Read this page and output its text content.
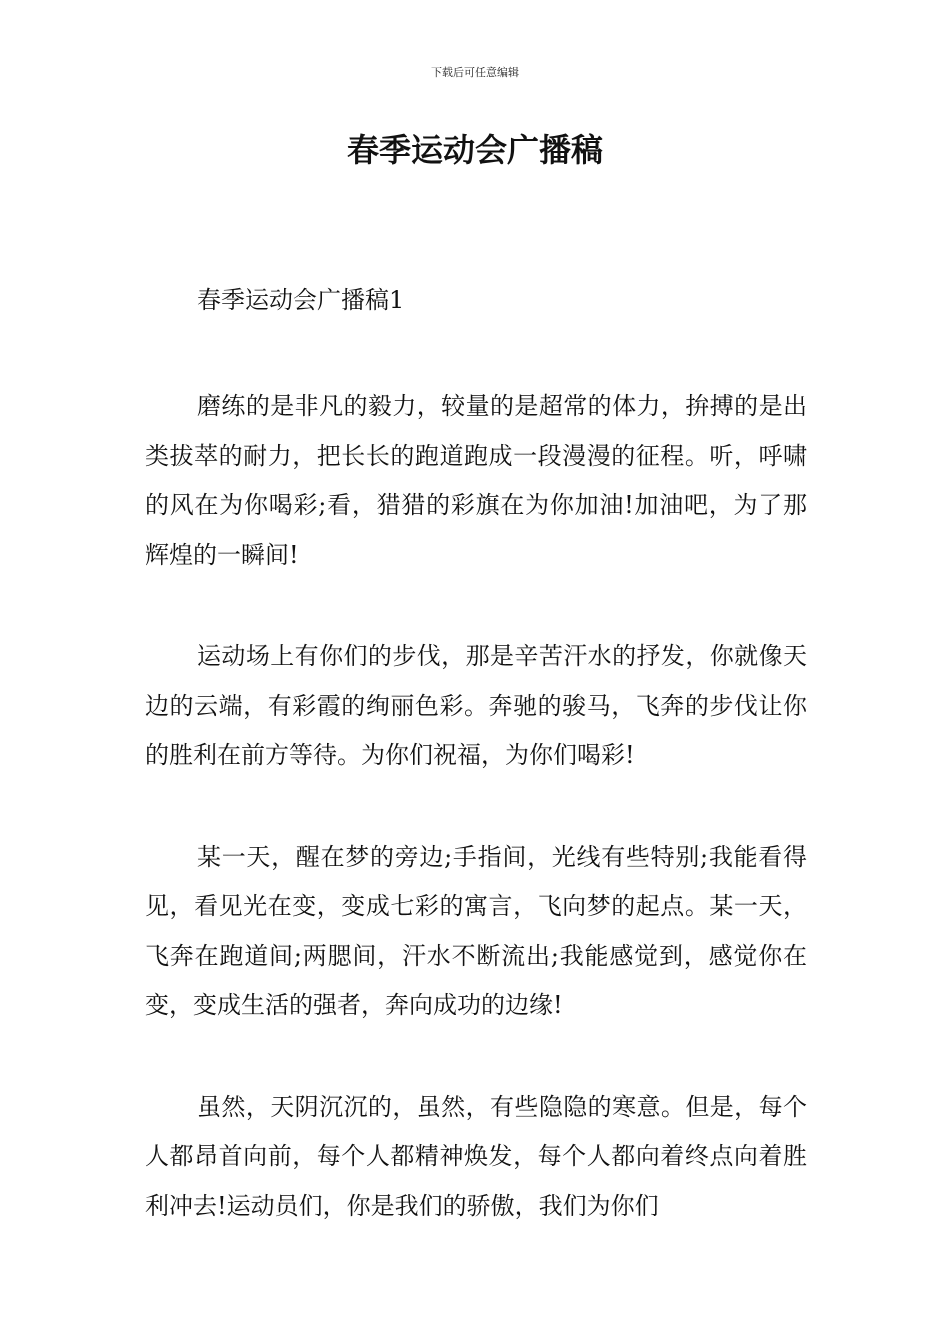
下载后可任意编辑
春季运动会广播稿

春季运动会广播稿1

磨练的是非凡的毅力，较量的是超常的体力，拚搏的是出类拔萃的耐力，把长长的跑道跑成一段漫漫的征程。听，呼啸的风在为你喝彩;看，猎猎的彩旗在为你加油!加油吧，为了那辉煌的一瞬间!

运动场上有你们的步伐，那是辛苦汗水的抒发，你就像天边的云端，有彩霞的绚丽色彩。奔驰的骏马，飞奔的步伐让你的胜利在前方等待。为你们祝福，为你们喝彩!

某一天，醒在梦的旁边;手指间，光线有些特别;我能看得见，看见光在变，变成七彩的寓言，飞向梦的起点。某一天，飞奔在跑道间;两腮间，汗水不断流出;我能感觉到，感觉你在变，变成生活的强者，奔向成功的边缘!

虽然，天阴沉沉的，虽然，有些隐隐的寒意。但是，每个人都昂首向前，每个人都精神焕发，每个人都向着终点向着胜利冲去!运动员们，你是我们的骄傲，我们为你们
